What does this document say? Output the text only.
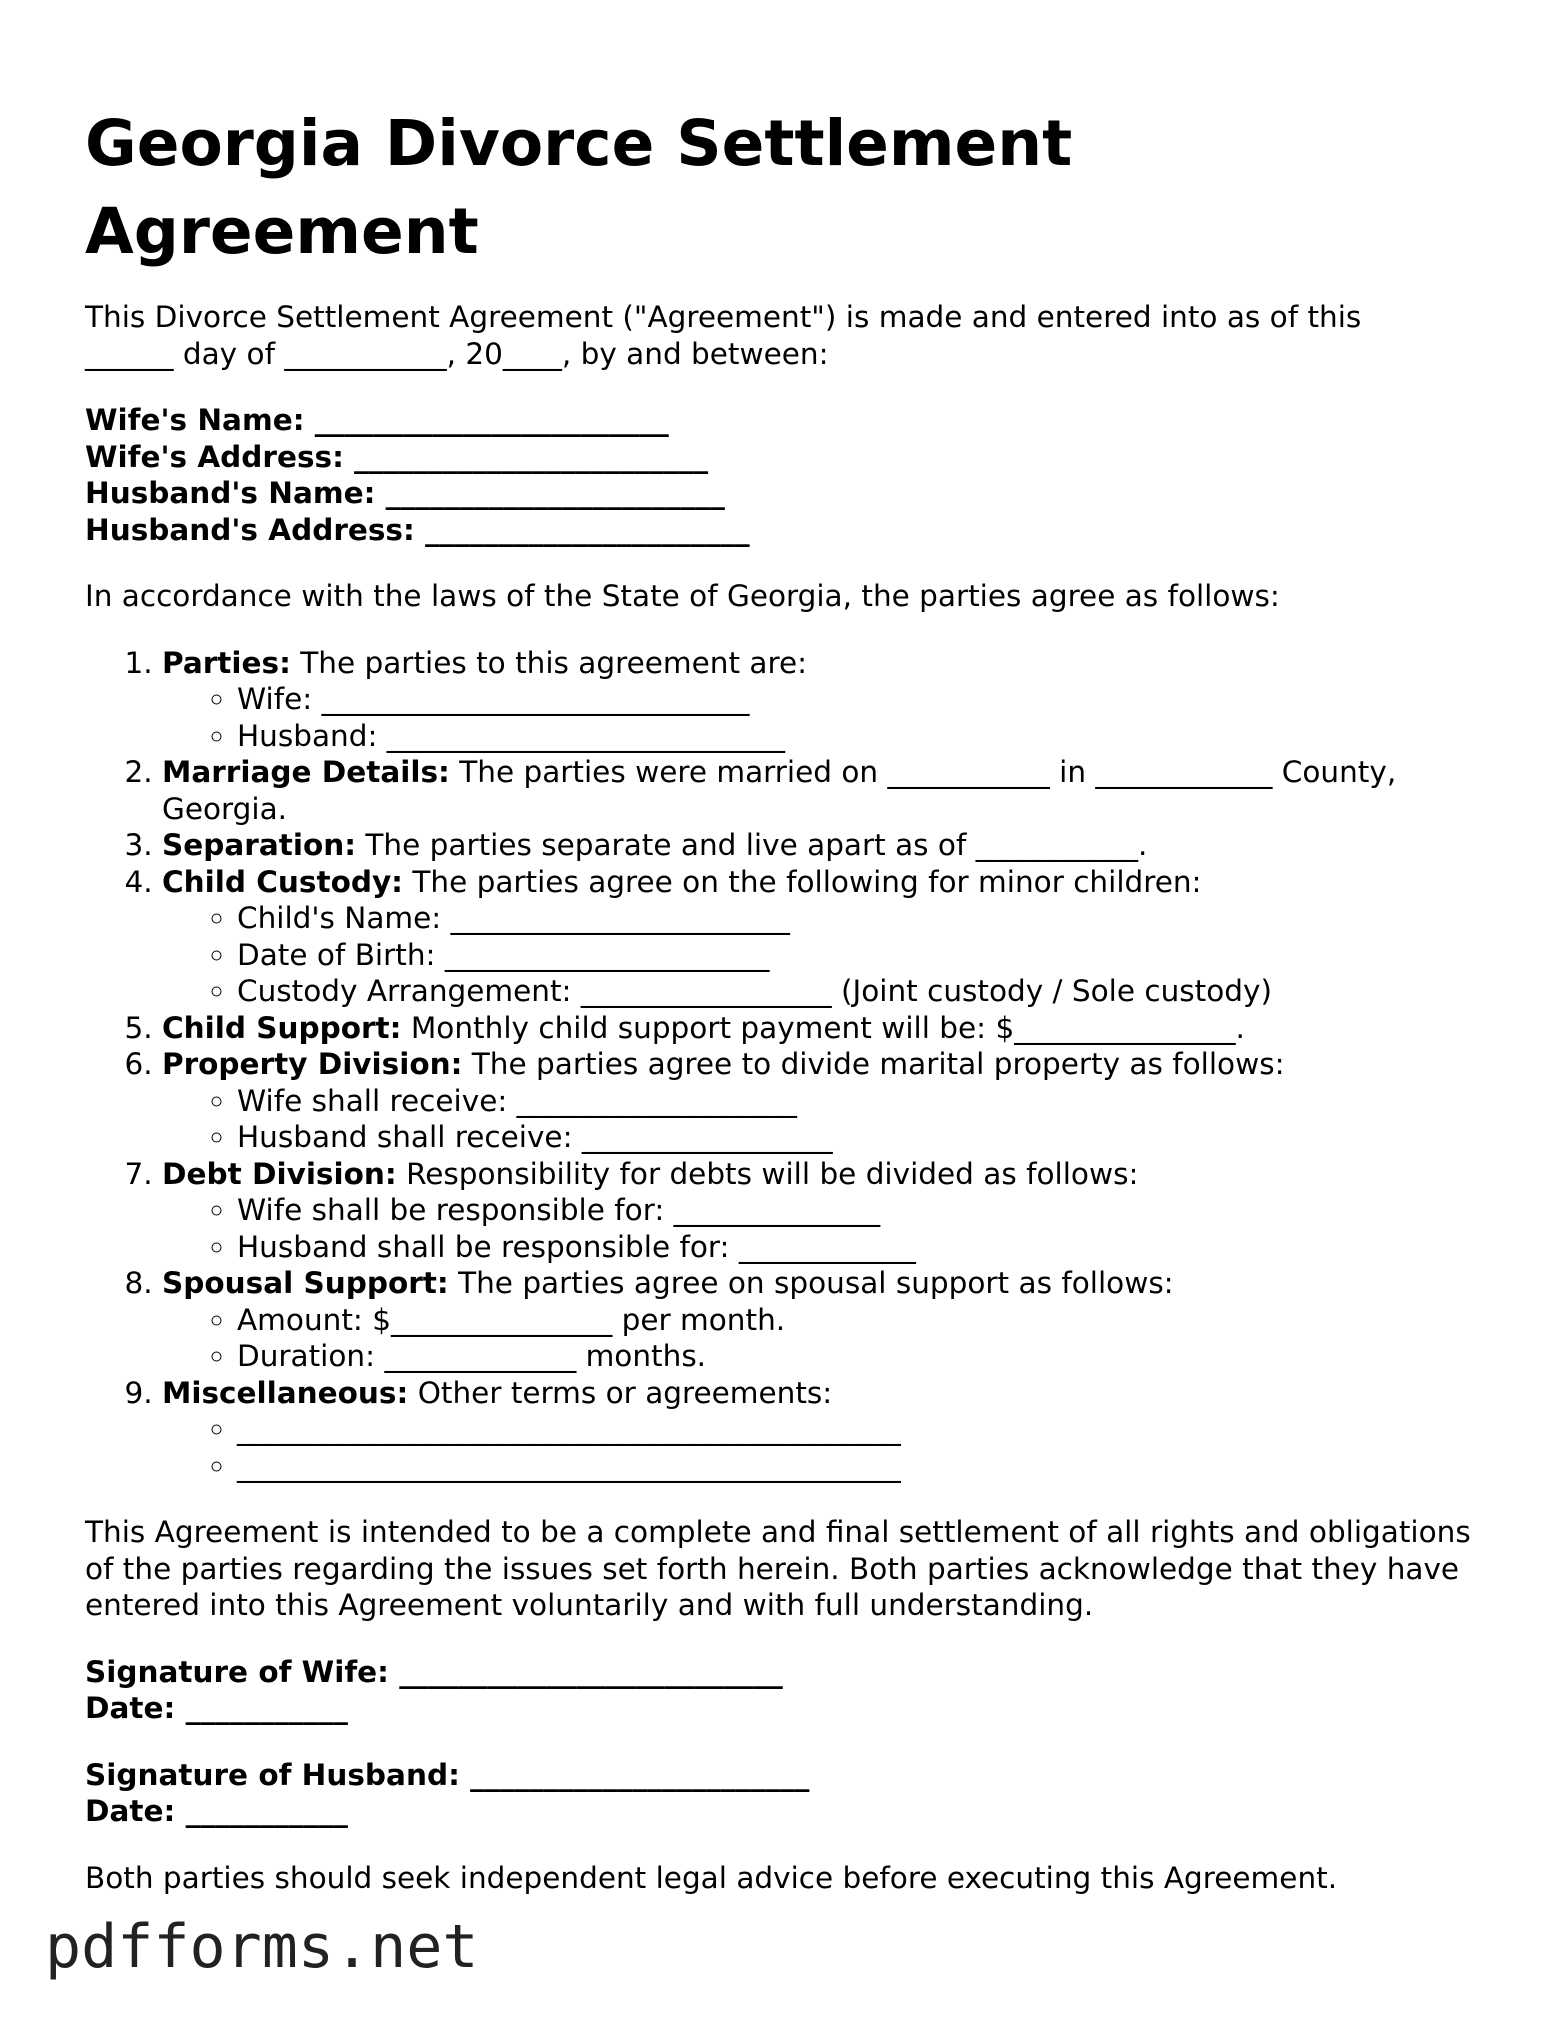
Georgia Divorce Settlement Agreement

This Divorce Settlement Agreement ("Agreement") is made and entered into as of this
______ day of ___________, 20____, by and between:

Wife's Name: ________________________
Wife's Address: ________________________
Husband's Name: _______________________
Husband's Address: ______________________

In accordance with the laws of the State of Georgia, the parties agree as follows:

1. Parties: The parties to this agreement are:
◦ Wife: _____________________________
◦ Husband: ___________________________
2. Marriage Details: The parties were married on ___________ in ____________ County, Georgia.
3. Separation: The parties separate and live apart as of ___________.
4. Child Custody: The parties agree on the following for minor children:
◦ Child's Name: _______________________
◦ Date of Birth: ______________________
◦ Custody Arrangement: _________________ (Joint custody / Sole custody)
5. Child Support: Monthly child support payment will be: $_______________.
6. Property Division: The parties agree to divide marital property as follows:
◦ Wife shall receive: ___________________
◦ Husband shall receive: _________________
7. Debt Division: Responsibility for debts will be divided as follows:
◦ Wife shall be responsible for: ______________
◦ Husband shall be responsible for: ____________
8. Spousal Support: The parties agree on spousal support as follows:
◦ Amount: $_______________ per month.
◦ Duration: _____________ months.
9. Miscellaneous: Other terms or agreements:
◦ _____________________________________________
◦ _____________________________________________

This Agreement is intended to be a complete and final settlement of all rights and obligations of the parties regarding the issues set forth herein. Both parties acknowledge that they have entered into this Agreement voluntarily and with full understanding.

Signature of Wife: __________________________
Date: ___________
Signature of Husband: _______________________
Date: ___________

Both parties should seek independent legal advice before executing this Agreement.

pdfforms.net
